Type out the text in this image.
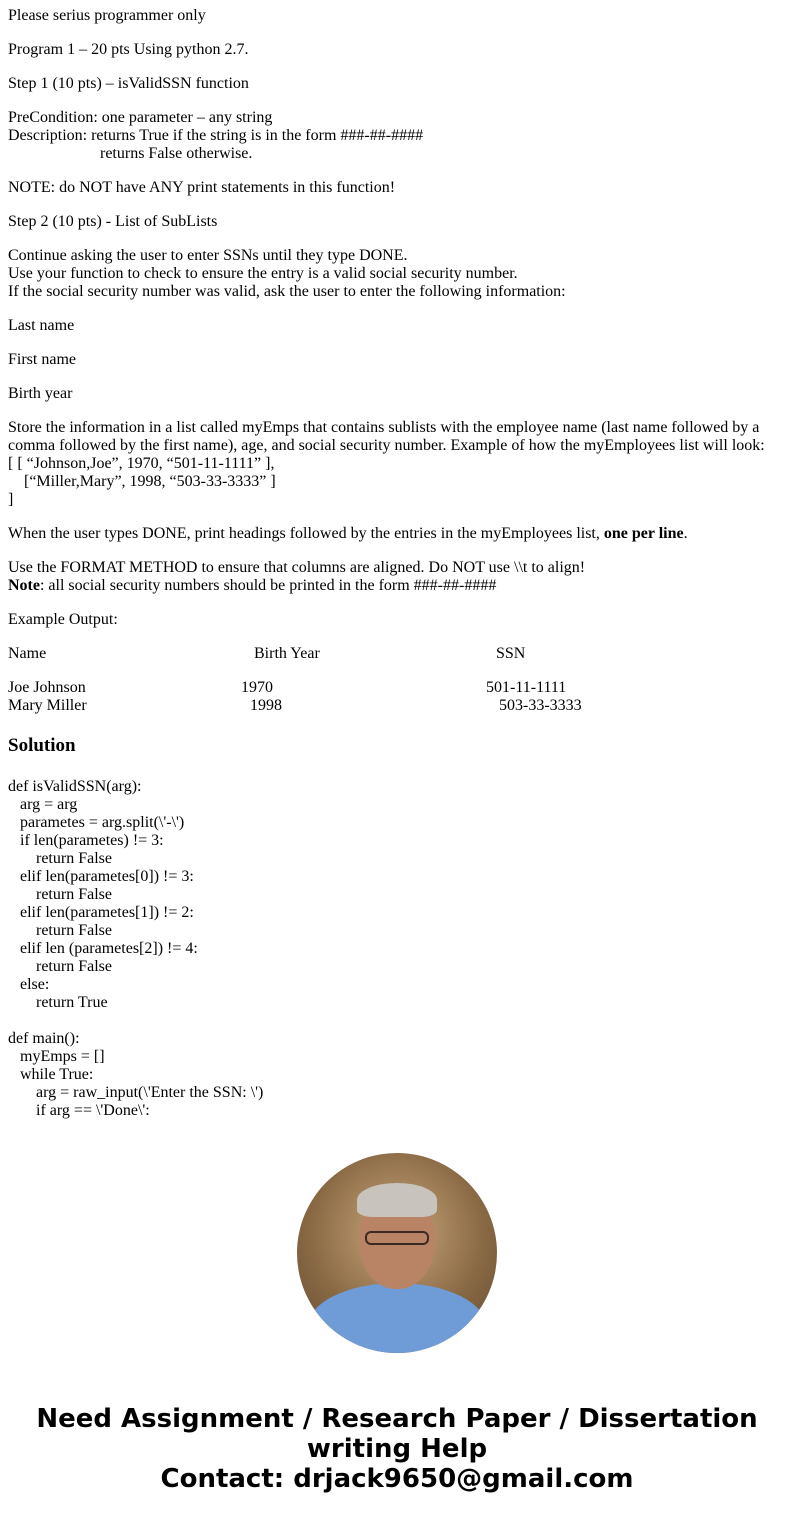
Please serius programmer only

Program 1 – 20 pts Using python 2.7.

Step 1 (10 pts) – isValidSSN function

PreCondition: one parameter – any string
Description: returns True if the string is in the form ###-##-####
returns False otherwise.

NOTE: do NOT have ANY print statements in this function!

Step 2 (10 pts) - List of SubLists

Continue asking the user to enter SSNs until they type DONE.
Use your function to check to ensure the entry is a valid social security number.
If the social security number was valid, ask the user to enter the following information:

Last name

First name

Birth year

Store the information in a list called myEmps that contains sublists with the employee name (last name followed by a comma followed by the first name), age, and social security number. Example of how the myEmployees list will look:
[ [ “Johnson,Joe”, 1970, “501-11-1111” ],
[“Miller,Mary”, 1998, “503-33-3333” ]
]

When the user types DONE, print headings followed by the entries in the myEmployees list, one per line.

Use the FORMAT METHOD to ensure that columns are aligned. Do NOT use \\t to align!
Note: all social security numbers should be printed in the form ###-##-####

Example Output:

Name	Birth Year	SSN
Joe Johnson	1970	501-11-1111
Mary Miller	1998	503-33-3333
Solution
def isValidSSN(arg):
arg = arg
parametes = arg.split(\'-\')
if len(parametes) != 3:
return False
elif len(parametes[0]) != 3:
return False
elif len(parametes[1]) != 2:
return False
elif len (parametes[2]) != 4:
return False
else:
return True
def main():
myEmps = []
while True:
arg = raw_input(\'Enter the SSN: \')
if arg == \'Done\':
Need Assignment / Research Paper / Dissertation
writing Help
Contact: drjack9650@gmail.com
